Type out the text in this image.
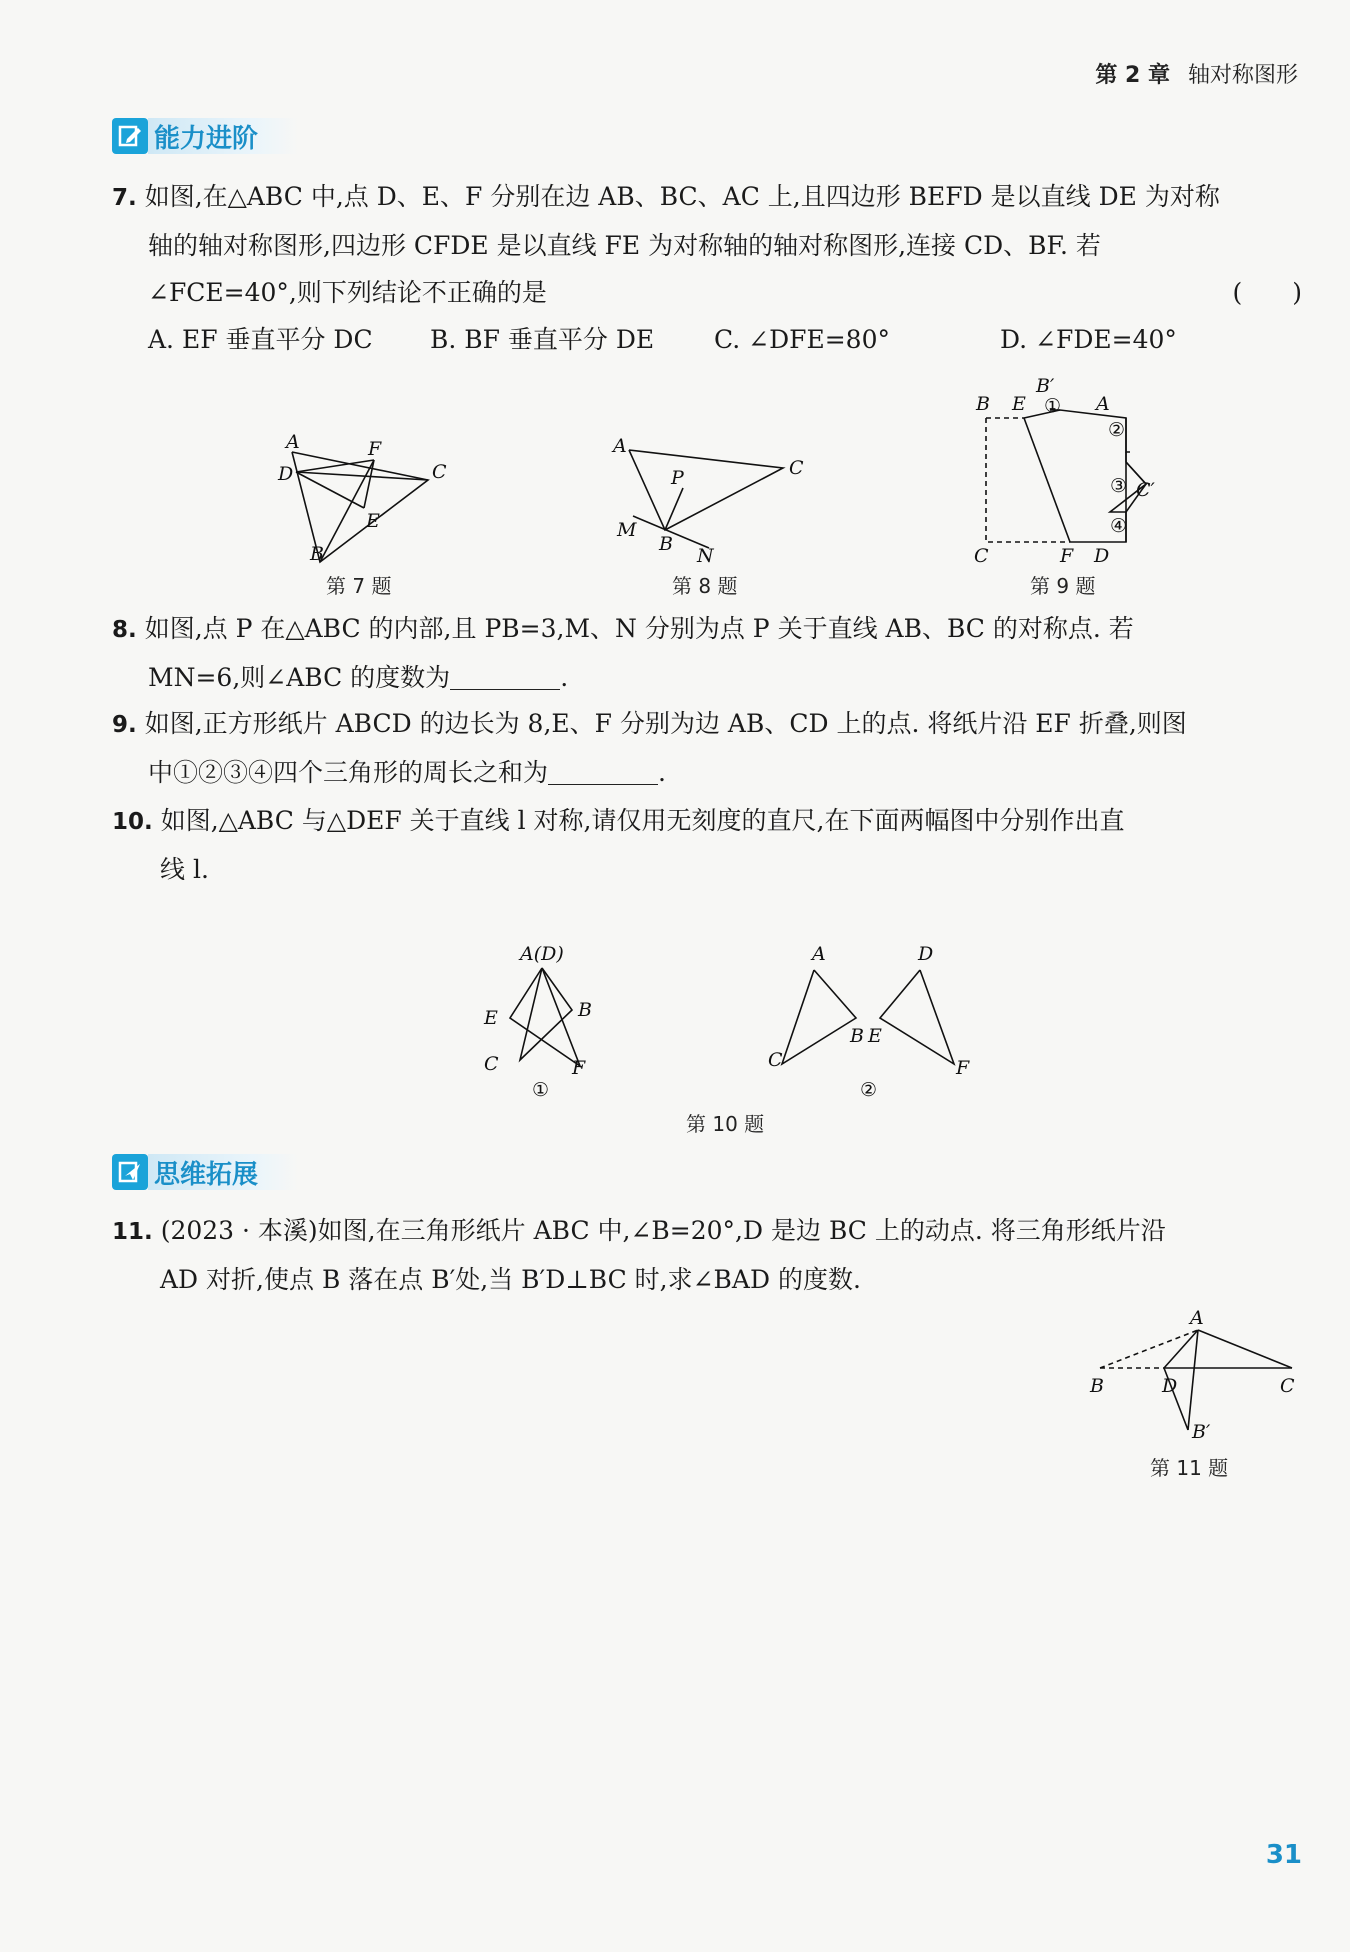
第 2 章 轴对称图形
能力进阶
7. 如图,在△ABC 中,点 D、E、F 分别在边 AB、BC、AC 上,且四边形 BEFD 是以直线 DE 为对称
轴的轴对称图形,四边形 CFDE 是以直线 FE 为对称轴的轴对称图形,连接 CD、BF. 若
∠FCE=40°,则下列结论不正确的是	(　　)
A. EF 垂直平分 DC	B. BF 垂直平分 DE	C. ∠DFE=80°	D. ∠FDE=40°
A	F
C
D
E
B
第 7 题
A
C
P
M
B
N
第 8 题
B′
B E ① A
②
③ C′
④
C	F D
第 9 题
8. 如图,点 P 在△ABC 的内部,且 PB=3,M、N 分别为点 P 关于直线 AB、BC 的对称点. 若
MN=6,则∠ABC 的度数为	.
9. 如图,正方形纸片 ABCD 的边长为 8,E、F 分别为边 AB、CD 上的点. 将纸片沿 EF 折叠,则图
中①②③④四个三角形的周长之和为	.
10. 如图,△ABC 与△DEF 关于直线 l 对称,请仅用无刻度的直尺,在下面两幅图中分别作出直
线 l.
A(D)
E	B
C	F
①
A	D
B E
C	F
②
第 10 题
思维拓展
11. (2023 · 本溪)如图,在三角形纸片 ABC 中,∠B=20°,D 是边 BC 上的动点. 将三角形纸片沿
AD 对折,使点 B 落在点 B′处,当 B′D⊥BC 时,求∠BAD 的度数.
A
B	D	C
B′
第 11 题
31
